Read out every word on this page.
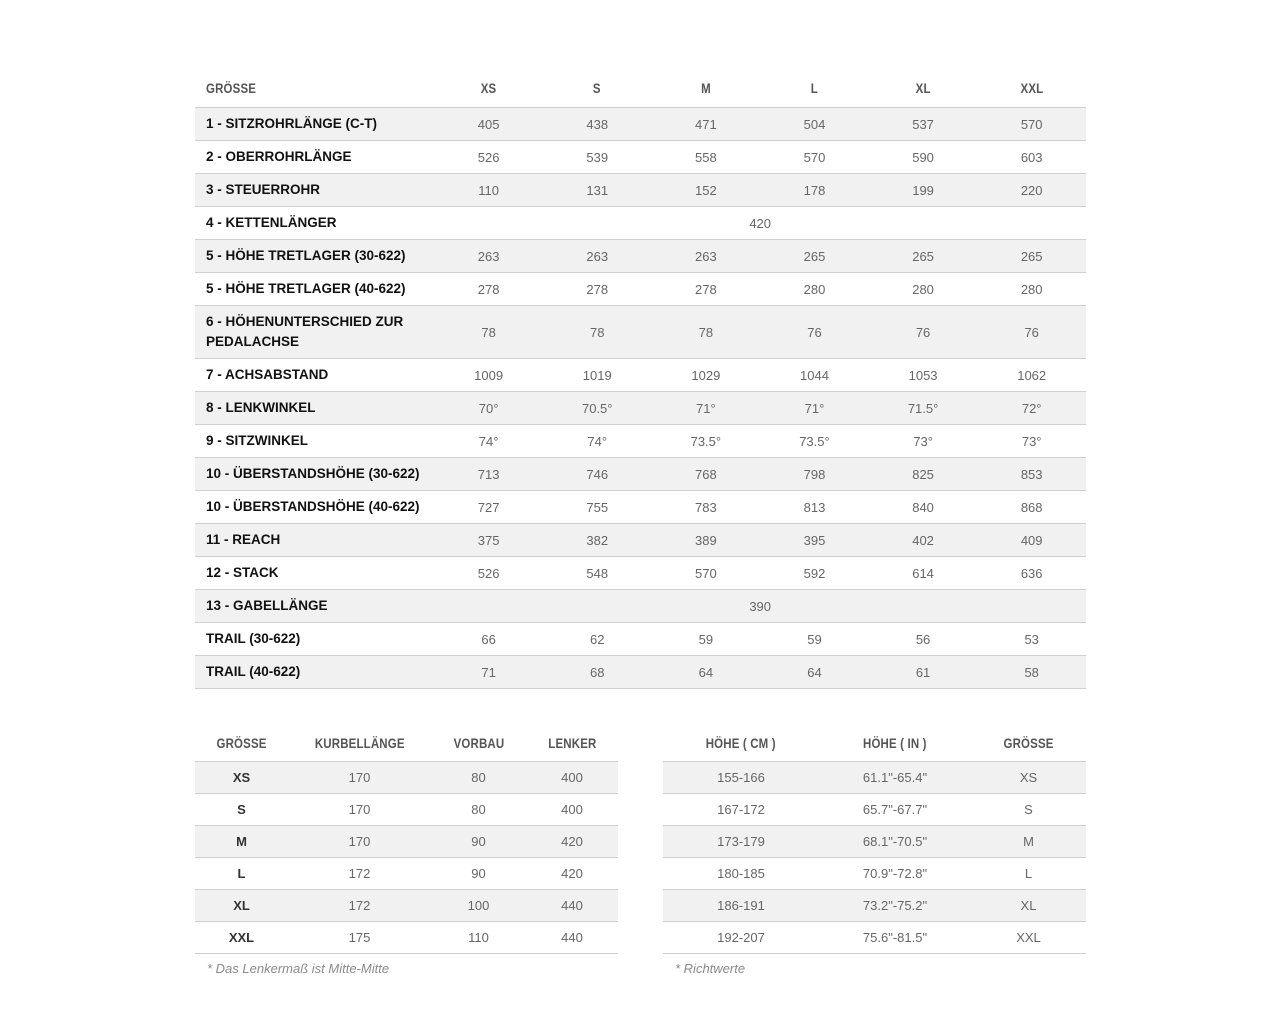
GRÖSSE	XS	S	M	L	XL	XXL
1 - SITZROHRLÄNGE (C-T)	405	438	471	504	537	570
2 - OBERROHRLÄNGE	526	539	558	570	590	603
3 - STEUERROHR	110	131	152	178	199	220
4 - KETTENLÄNGER	420					
5 - HÖHE TRETLAGER (30-622)	263	263	263	265	265	265
5 - HÖHE TRETLAGER (40-622)	278	278	278	280	280	280
6 - HÖHENUNTERSCHIED ZUR PEDALACHSE	78	78	78	76	76	76
7 - ACHSABSTAND	1009	1019	1029	1044	1053	1062
8 - LENKWINKEL	70°	70.5°	71°	71°	71.5°	72°
9 - SITZWINKEL	74°	74°	73.5°	73.5°	73°	73°
10 - ÜBERSTANDSHÖHE (30-622)	713	746	768	798	825	853
10 - ÜBERSTANDSHÖHE (40-622)	727	755	783	813	840	868
11 - REACH	375	382	389	395	402	409
12 - STACK	526	548	570	592	614	636
13 - GABELLÄNGE	390					
TRAIL (30-622)	66	62	59	59	56	53
TRAIL (40-622)	71	68	64	64	61	58
GRÖSSE	KURBELLÄNGE	VORBAU	LENKER
XS	170	80	400
S	170	80	400
M	170	90	420
L	172	90	420
XL	172	100	440
XXL	175	110	440
HÖHE ( CM )	HÖHE ( IN )	GRÖSSE
155-166	61.1"-65.4"	XS
167-172	65.7"-67.7"	S
173-179	68.1"-70.5"	M
180-185	70.9"-72.8"	L
186-191	73.2"-75.2"	XL
192-207	75.6"-81.5"	XXL
* Das Lenkermaß ist Mitte-Mitte	* Richtwerte
